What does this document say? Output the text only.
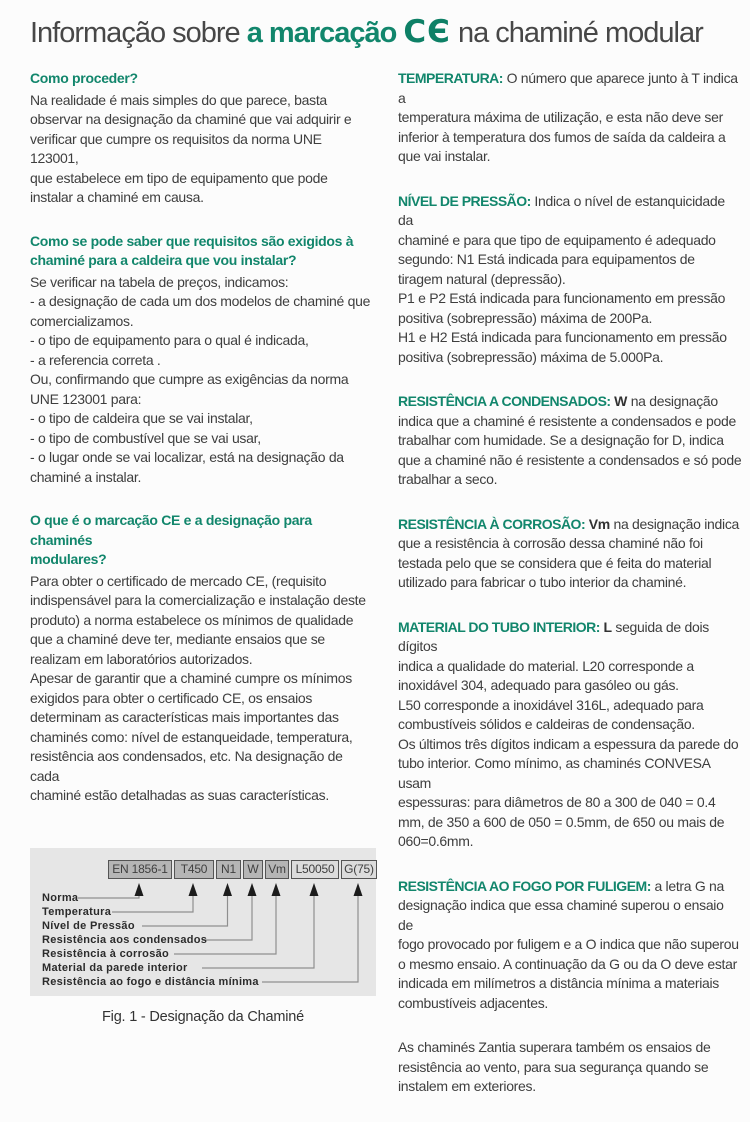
Informação sobre a marcação CЄ na chaminé modular
Como proceder?

Na realidade é mais simples do que parece, basta
observar na designação da chaminé que vai adquirir e
verificar que cumpre os requisitos da norma UNE 123001,
que estabelece em tipo de equipamento que pode
instalar a chaminé em causa.

Como se pode saber que requisitos são exigidos à
chaminé para a caldeira que vou instalar?

Se verificar na tabela de preços, indicamos:
- a designação de cada um dos modelos de chaminé que
comercializamos.
- o tipo de equipamento para o qual é indicada,
- a referencia correta .
Ou, confirmando que cumpre as exigências da norma
UNE 123001 para:
- o tipo de caldeira que se vai instalar,
- o tipo de combustível que se vai usar,
- o lugar onde se vai localizar, está na designação da
chaminé a instalar.

O que é o marcação CE e a designação para chaminés
modulares?

Para obter o certificado de mercado CE, (requisito
indispensável para la comercialização e instalação deste
produto) a norma estabelece os mínimos de qualidade
que a chaminé deve ter, mediante ensaios que se
realizam em laboratórios autorizados.
Apesar de garantir que a chaminé cumpre os mínimos
exigidos para obter o certificado CE, os ensaios
determinam as características mais importantes das
chaminés como: nível de estanqueidade, temperatura,
resistência aos condensados, etc. Na designação de cada
chaminé estão detalhadas as suas características.

EN 1856-1	T450	N1 W Vm L50050 G(75)
Norma
Temperatura
Nível de Pressão
Resistência aos condensados
Resistência à corrosão
Material da parede interior
Resistência ao fogo e distância mínima
Fig. 1 - Designação da Chaminé

TEMPERATURA: O número que aparece junto à T indica a
temperatura máxima de utilização, e esta não deve ser
inferior à temperatura dos fumos de saída da caldeira a
que vai instalar.

NÍVEL DE PRESSÃO: Indica o nível de estanquicidade da
chaminé e para que tipo de equipamento é adequado
segundo: N1 Está indicada para equipamentos de
tiragem natural (depressão).
P1 e P2 Está indicada para funcionamento em pressão
positiva (sobrepressão) máxima de 200Pa.
H1 e H2 Está indicada para funcionamento em pressão
positiva (sobrepressão) máxima de 5.000Pa.

RESISTÊNCIA A CONDENSADOS: W na designação
indica que a chaminé é resistente a condensados e pode
trabalhar com humidade. Se a designação for D, indica
que a chaminé não é resistente a condensados e só pode
trabalhar a seco.

RESISTÊNCIA À CORROSÃO: Vm na designação indica
que a resistência à corrosão dessa chaminé não foi
testada pelo que se considera que é feita do material
utilizado para fabricar o tubo interior da chaminé.

MATERIAL DO TUBO INTERIOR: L seguida de dois dígitos
indica a qualidade do material. L20 corresponde a
inoxidável 304, adequado para gasóleo ou gás.
L50 corresponde a inoxidável 316L, adequado para
combustíveis sólidos e caldeiras de condensação.
Os últimos três dígitos indicam a espessura da parede do
tubo interior. Como mínimo, as chaminés CONVESA usam
espessuras: para diâmetros de 80 a 300 de 040 = 0.4
mm, de 350 a 600 de 050 = 0.5mm, de 650 ou mais de
060=0.6mm.

RESISTÊNCIA AO FOGO POR FULIGEM: a letra G na
designação indica que essa chaminé superou o ensaio de
fogo provocado por fuligem e a O indica que não superou
o mesmo ensaio. A continuação da G ou da O deve estar
indicada em milímetros a distância mínima a materiais
combustíveis adjacentes.

As chaminés Zantia superara também os ensaios de
resistência ao vento, para sua segurança quando se
instalem em exteriores.
